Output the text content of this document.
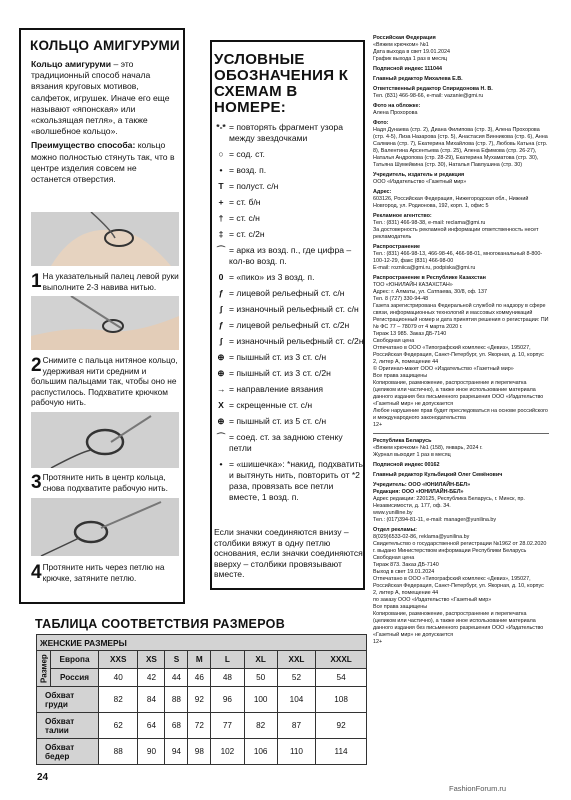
КОЛЬЦО АМИГУРУМИ

Кольцо амигуруми – это традиционный способ начала вязания круговых мотивов, салфеток, игрушек. Иначе его еще называют «японская» или «скользящая петля», а также «волшебное кольцо».

Преимущество способа: кольцо можно полностью стянуть так, что в центре изделия совсем не останется отверстия.

1 На указательный палец левой руки выполните 2-3 навива нитью.
2 Снимите с пальца нитяное кольцо, удерживая нити средним и большим пальцами так, чтобы оно не распустилось. Подхватите крючком рабочую нить.
3 Протяните нить в центр кольца, снова подхватите рабочую нить.
4 Протяните нить через петлю на крючке, затяните петлю.
УСЛОВНЫЕ ОБОЗНАЧЕНИЯ К СХЕМАМ В НОМЕРЕ:
*-* = повторять фрагмент узора между звездочками
○ = сод. ст.
• = возд. п.
T = полуст. с/н
+ = ст. б/н
† = ст. с/н
‡ = ст. с/2н
⌒ = арка из возд. п., где цифра – кол-во возд. п.
0 = «пико» из 3 возд. п.
ƒ = лицевой рельефный ст. с/н
ʃ = изнаночный рельефный ст. с/н
ƒ = лицевой рельефный ст. с/2н
ʃ = изнаночный рельефный ст. с/2н
⊕ = пышный ст. из 3 ст. с/н
⊕ = пышный ст. из 3 ст. с/2н
→ = направление вязания
X = скрещенные ст. с/н
⊕ = пышный ст. из 5 ст. с/н
⌒ = соед. ст. за заднюю стенку петли
• = «шишечка»: *накид, подхватить и вытянуть нить, повторить от *2 раза, провязать все петли вместе, 1 возд. п.

Если значки соединяются внизу – столбики вяжут в одну петлю основания, если значки соединяются вверху – столбики провязывают вместе.

Российская Федерация
«Вяжем крючком» №1
Дата выхода в свет 19.01.2024
График выхода 1 раз в месяц
Подписной индекс 111044
Главный редактор Михалева Е.В.
Ответственный редактор Спиридонова Н. В.
Тел. (831) 466-98-66, e-mail: vazanie@gmi.ru
Фото на обложке:
Алена Прохорова
Фото:
Надя Дунаева (стр. 2), Диана Филипова (стр. 3), Алена Прохорова (стр. 4-5), Лиза Назарова (стр. 5), Анастасия Винникова (стр. 6), Анна Салмина (стр. 7), Екатерина Михайлова (стр. 7), Любовь Катьна (стр. 8), Валентина Арсентьева (стр. 25), Алена Ефимова (стр. 26-27), Наталья Андропова (стр. 28-29), Екатерина Мухаматова (стр. 30), Татьяна Шумейкина (стр. 30), Наталья Павлушина (стр. 30)
Учредитель, издатель и редакция
ООО «Издательство «Газетный мир»
Адрес:
603126, Российская Федерация, Нижегородская обл., Нижний Новгород, ул. Родионова, 192, корп. 1, офис 5
Рекламное агентство:
Тел.: (831) 466-98-38, e-mail: reclama@gmi.ru
За достоверность рекламной информации ответственность несет рекламодатель
Распространение
Тел.: (831) 466-98-13, 466-98-46, 466-98-01, многоканальный 8-800-100-12-29, факс (831) 466-98-00
E-mail: rozniica@gmi.ru, podpiska@gmi.ru
Распространение в Республике Казахстан
ТОО «ЮНИЛАЙН КАЗАХСТАН»
Адрес: г. Алматы, ул. Сатпаева, 30/8, оф. 137
Тел. 8 (727) 330-94-48
Газета зарегистрирована Федеральной службой по надзору в сфере связи, информационных технологий и массовых коммуникаций
Регистрационный номер и дата принятия решения о регистрации: ПИ № ФС 77 – 78079 от 4 марта 2020 г.
Тираж 13 985. Заказ ДБ-7140
Свободная цена
Отпечатано в ООО «Типографский комплекс «Девиз», 195027, Российская Федерация, Санкт-Петербург, ул. Якорная, д. 10, корпус 2, литер А, помещение 44
© Оригинал-макет ООО «Издательство «Газетный мир»
Все права защищены
Копирование, размножение, распространение и перепечатка (целиком или частично), а также иное использование материала данного издания без письменного разрешения ООО «Издательство «Газетный мир» не допускается
Любое нарушение прав будет преследоваться на основе российского и международного законодательства
12+
Республика Беларусь
«Вяжем крючком» №1 (158), январь, 2024 г.
Журнал выходит 1 раз в месяц
Подписной индекс 00162
Главный редактор Кульбицкий Олег Семёнович
Учредитель: ООО «ЮНИЛАЙН-БЕЛ»
Редакция: ООО «ЮНИЛАЙН-БЕЛ»
Адрес редакции: 220125, Республика Беларусь, г. Минск, пр. Независимости, д. 177, оф. 34.
www.yunilline.by
Тел.: (017)394-81-11, e-mail: manager@yunilina.by
Отдел рекламы:
8(029)6533-02-86, reklama@yunilina.by
Свидетельство о государственной регистрации №1962 от 28.02.2020 г. выдано Министерством информации Республики Беларусь
Свободная цена
Тираж 873. Заказ ДБ-7140
Выход в свет 19.01.2024
Отпечатано в ООО «Типографский комплекс «Девиз», 195027, Российская Федерация, Санкт-Петербург, ул. Якорная, д. 10, корпус 2, литер А, помещение 44
по заказу ООО «Издательство «Газетный мир»
Все права защищены
Копирование, размножение, распространение и перепечатка (целиком или частично), а также иное использование материала данного издания без письменного разрешения ООО «Издательство «Газетный мир» не допускается
12+
ТАБЛИЦА СООТВЕТСТВИЯ РАЗМЕРОВ
ЖЕНСКИЕ РАЗМЕРЫ									
Размер	Европа	XXS	XS	S	M	L	XL	XXL	XXXL
	Россия	40	42	44	46	48	50	52	54
Обхват груди		82	84	88	92	96	100	104	108
Обхват талии		62	64	68	72	77	82	87	92
Обхват бедер		88	90	94	98	102	106	110	114
24
FashionForum.ru
